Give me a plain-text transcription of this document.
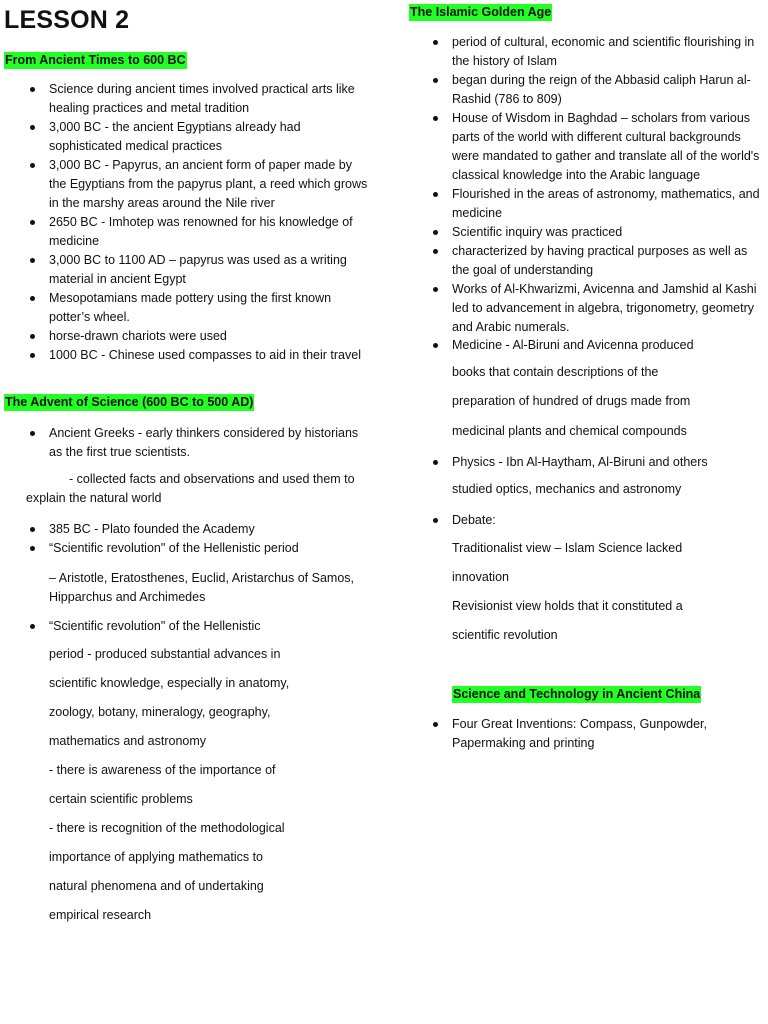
LESSON 2
From Ancient Times to 600 BC
Science during ancient times involved practical arts like healing practices and metal tradition
3,000 BC - the ancient Egyptians already had sophisticated medical practices
3,000 BC - Papyrus, an ancient form of paper made by the Egyptians from the papyrus plant, a reed which grows in the marshy areas around the Nile river
2650 BC - Imhotep was renowned for his knowledge of medicine
3,000 BC to 1100 AD – papyrus was used as a writing material in ancient Egypt
Mesopotamians made pottery using the first known potter’s wheel.
horse-drawn chariots were used
1000 BC - Chinese used compasses to aid in their travel
The Advent of Science (600 BC to 500 AD)
Ancient Greeks - early thinkers considered by historians as the first true scientists.

- collected facts and observations and used them to

explain the natural world

385 BC - Plato founded the Academy
“Scientific revolution" of the Hellenistic period

– Aristotle, Eratosthenes, Euclid, Aristarchus of Samos, Hipparchus and Archimedes

“Scientific revolution" of the Hellenistic

period - produced substantial advances in

scientific knowledge, especially in anatomy,

zoology, botany, mineralogy, geography,

mathematics and astronomy

- there is awareness of the importance of

certain scientific problems

- there is recognition of the methodological

importance of applying mathematics to

natural phenomena and of undertaking

empirical research

The Islamic Golden Age
period of cultural, economic and scientific flourishing in the history of Islam
began during the reign of the Abbasid caliph Harun al-Rashid (786 to 809)
House of Wisdom in Baghdad – scholars from various parts of the world with different cultural backgrounds were mandated to gather and translate all of the world's classical knowledge into the Arabic language
Flourished in the areas of astronomy, mathematics, and medicine
Scientific inquiry was practiced
characterized by having practical purposes as well as the goal of understanding
Works of Al-Khwarizmi, Avicenna and Jamshid al Kashi led to advancement in algebra, trigonometry, geometry and Arabic numerals.
Medicine - Al-Biruni and Avicenna produced

books that contain descriptions of the

preparation of hundred of drugs made from

medicinal plants and chemical compounds

Physics - Ibn Al-Haytham, Al-Biruni and others

studied optics, mechanics and astronomy

Debate:

Traditionalist view – Islam Science lacked

innovation

Revisionist view holds that it constituted a

scientific revolution

Science and Technology in Ancient China
Four Great Inventions: Compass, Gunpowder, Papermaking and printing
